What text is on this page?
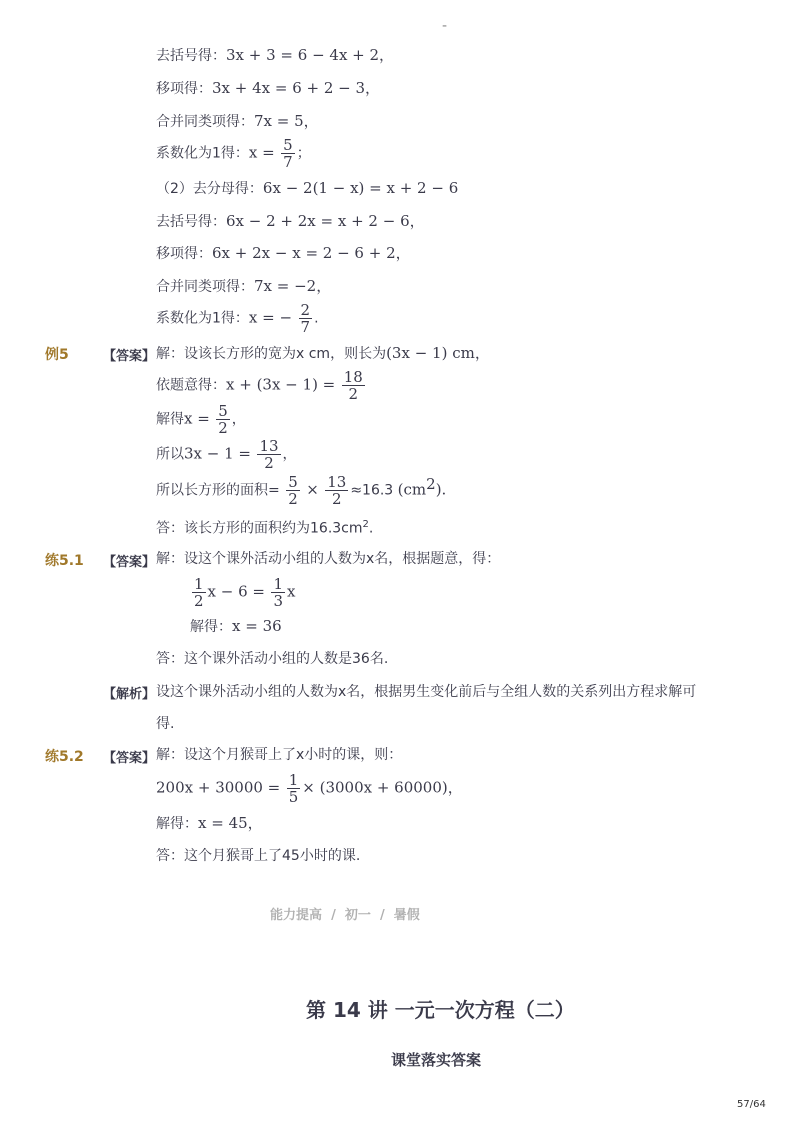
-
去括号得：3x + 3 = 6 − 4x + 2，
移项得：3x + 4x = 6 + 2 − 3，
合并同类项得：7x = 5，
系数化为1得：$x = \frac{5}{7}$ ；
（2）去分母得：6x − 2(1 − x) = x + 2 − 6
去括号得：6x − 2 + 2x = x + 2 − 6，
移项得：6x + 2x − x = 2 − 6 + 2，
合并同类项得：7x = −2，
系数化为1得：x = − $\frac{2}{7}$ .
例5	【答案】 解：设该长方形的宽为x cm，则长为(3x − 1) cm，
依题意得：$x + (3x - 1) = \frac{18}{2}$
解得$x = \frac{5}{2}$ ，
所以$3x - 1 = \frac{13}{2}$ ，
所以长方形的面积= $\frac{5}{2} \times \frac{13}{2} \approx 16.3$ $(cm^2)$.
答：该长方形的面积约为$16.3cm^2$.
练5.1 【答案】 解：设这个课外活动小组的人数为x名，根据题意，得：
$\frac{1}{2}$ $x - 6 = \frac{1}{3}$ x
解得：x = 36
答：这个课外活动小组的人数是36名.
【解析】 设这个课外活动小组的人数为x名，根据男生变化前后与全组人数的关系列出方程求解可
得.
练5.2 【答案】 解：设这个月猴哥上了x小时的课，则：
$200x + 30000 = \frac{1}{5} \times (3000x + 60000)$，
解得：x = 45，
答：这个月猴哥上了45小时的课.
能力提高 / 初一 / 暑假
第 14 讲 一元一次方程（二）
课堂落实答案
57/64
